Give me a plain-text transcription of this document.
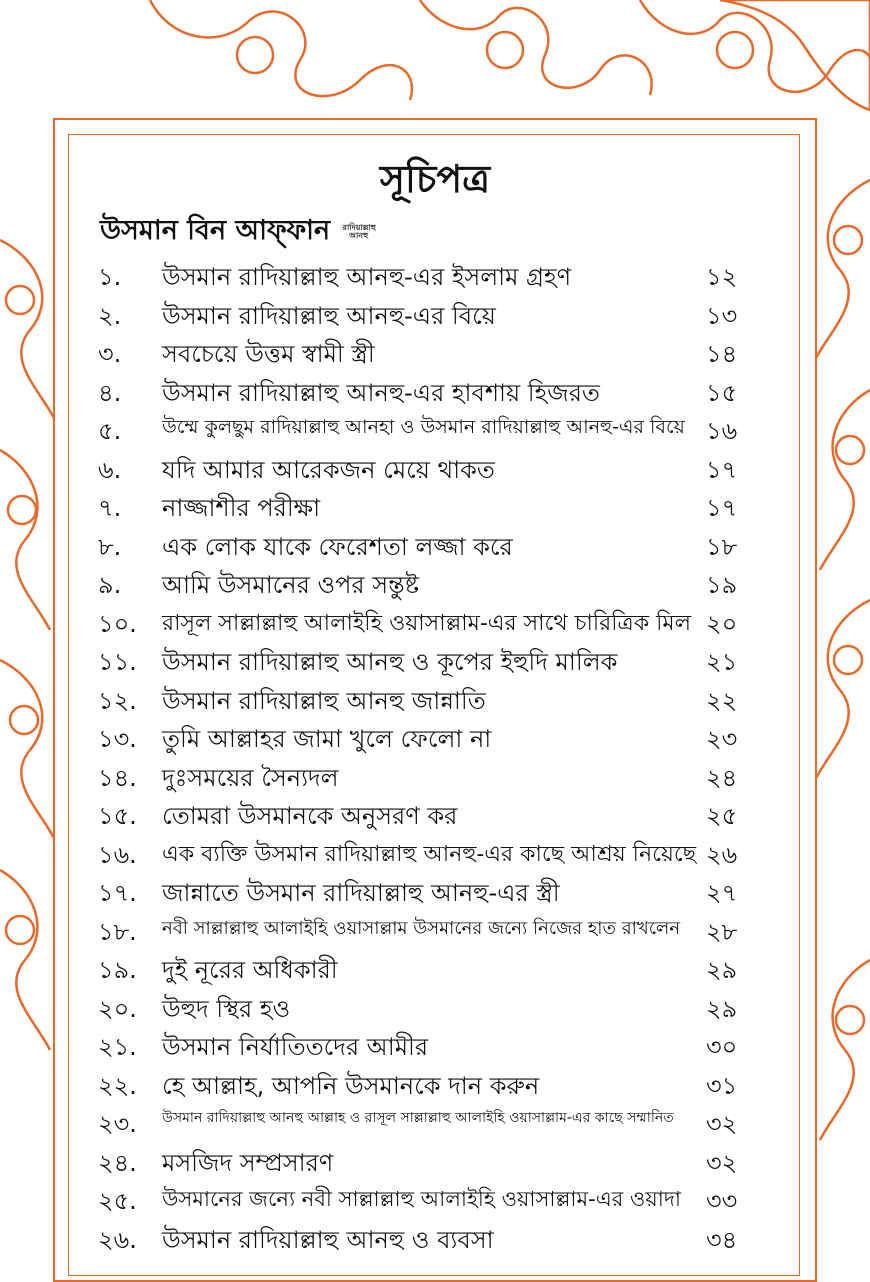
সূচিপত্র
উসমান বিন আফ্ফান রাদিয়াল্লাহু আনহু
১. উসমান রাদিয়াল্লাহু আনহু-এর ইসলাম গ্রহণ	১২
২. উসমান রাদিয়াল্লাহু আনহু-এর বিয়ে	১৩
৩. সবচেয়ে উত্তম স্বামী স্ত্রী	১৪
৪. উসমান রাদিয়াল্লাহু আনহু-এর হাবশায় হিজরত	১৫
৫. উম্মে কুলছুম রাদিয়াল্লাহু আনহা ও উসমান রাদিয়াল্লাহু আনহু-এর বিয়ে ১৬
৬. যদি আমার আরেকজন মেয়ে থাকত	১৭
৭. নাজ্জাশীর পরীক্ষা	১৭
৮. এক লোক যাকে ফেরেশতা লজ্জা করে	১৮
৯. আমি উসমানের ওপর সন্তুষ্ট	১৯
১০. রাসূল সাল্লাল্লাহু আলাইহি ওয়াসাল্লাম-এর সাথে চারিত্রিক মিল ২০
১১. উসমান রাদিয়াল্লাহু আনহু ও কূপের ইহুদি মালিক	২১
১২. উসমান রাদিয়াল্লাহু আনহু জান্নাতি	২২
১৩. তুমি আল্লাহর জামা খুলে ফেলো না	২৩
১৪. দুঃসময়ের সৈন্যদল	২৪
১৫. তোমরা উসমানকে অনুসরণ কর	২৫
১৬. এক ব্যক্তি উসমান রাদিয়াল্লাহু আনহু-এর কাছে আশ্রয় নিয়েছে ২৬
১৭. জান্নাতে উসমান রাদিয়াল্লাহু আনহু-এর স্ত্রী	২৭
১৮. নবী সাল্লাল্লাহু আলাইহি ওয়াসাল্লাম উসমানের জন্যে নিজের হাত রাখলেন ২৮
১৯. দুই নূরের অধিকারী	২৯
২০. উহুদ স্থির হও	২৯
২১. উসমান নির্যাতিতদের আমীর	৩০
২২. হে আল্লাহ, আপনি উসমানকে দান করুন	৩১
২৩. উসমান রাদিয়াল্লাহু আনহু আল্লাহ ও রাসূল সাল্লাল্লাহু আলাইহি ওয়াসাল্লাম-এর কাছে সম্মানিত ৩২
২৪. মসজিদ সম্প্রসারণ	৩২
২৫. উসমানের জন্যে নবী সাল্লাল্লাহু আলাইহি ওয়াসাল্লাম-এর ওয়াদা ৩৩
২৬. উসমান রাদিয়াল্লাহু আনহু ও ব্যবসা	৩৪
